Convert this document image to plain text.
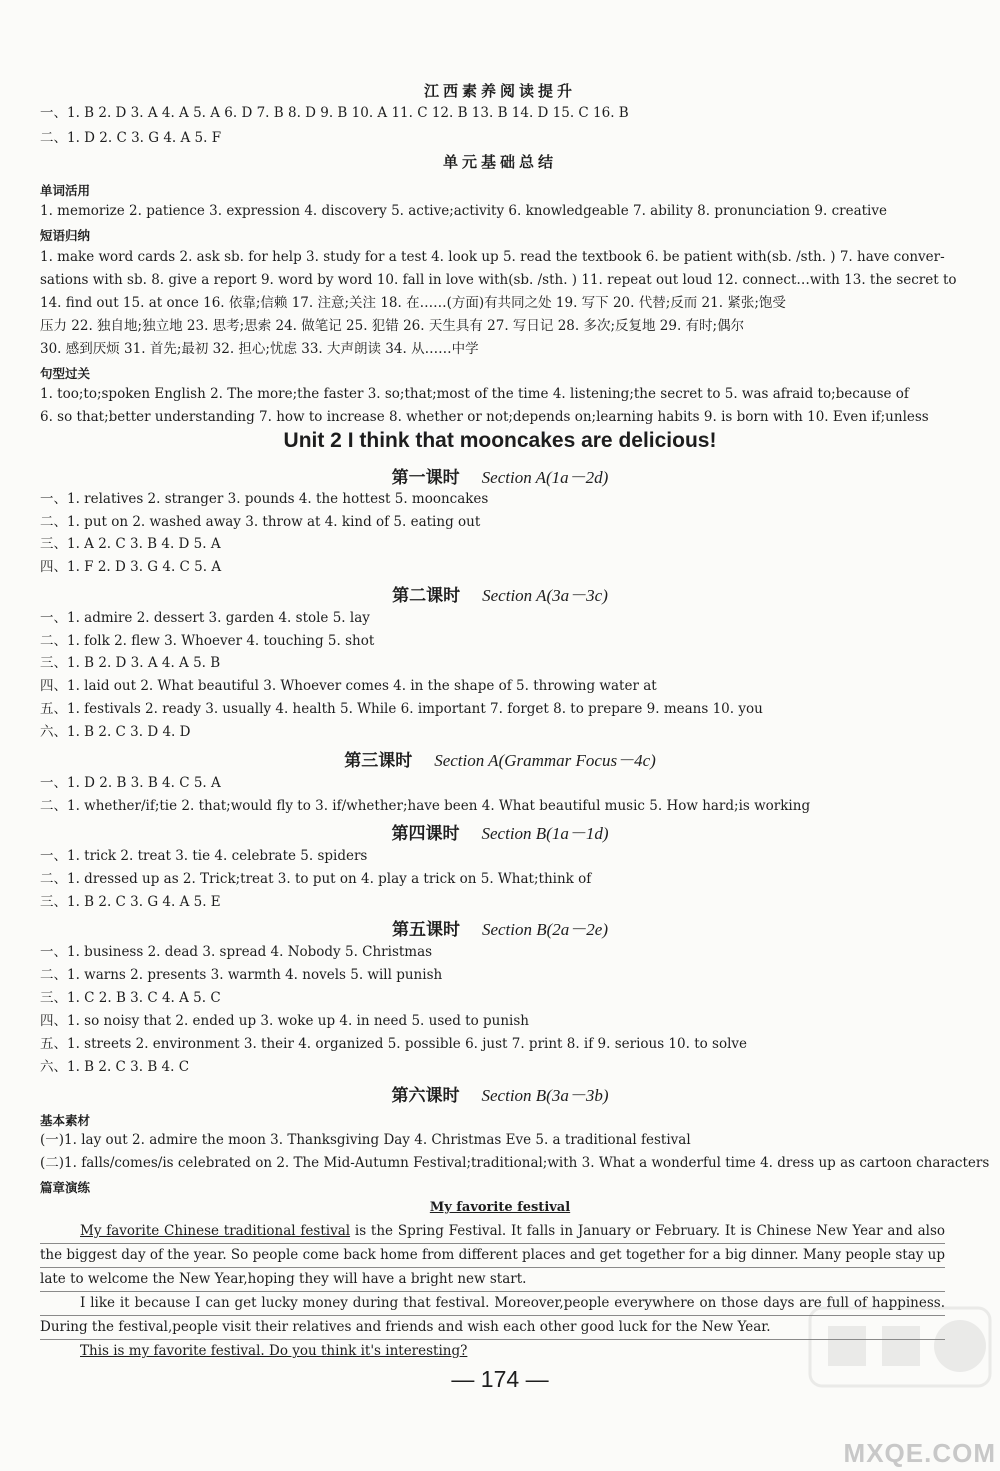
江西素养阅读提升
一、1. B 2. D 3. A 4. A 5. A 6. D 7. B 8. D 9. B 10. A 11. C 12. B 13. B 14. D 15. C 16. B
二、1. D 2. C 3. G 4. A 5. F
单元基础总结
单词活用
1. memorize 2. patience 3. expression 4. discovery 5. active;activity 6. knowledgeable 7. ability 8. pronunciation 9. creative
短语归纳
1. make word cards 2. ask sb. for help 3. study for a test 4. look up 5. read the textbook 6. be patient with(sb. /sth. ) 7. have conver-
sations with sb. 8. give a report 9. word by word 10. fall in love with(sb. /sth. ) 11. repeat out loud 12. connect…with 13. the secret to
14. find out 15. at once 16. 依靠;信赖 17. 注意;关注 18. 在……(方面)有共同之处 19. 写下 20. 代替;反而 21. 紧张;饱受
压力 22. 独自地;独立地 23. 思考;思索 24. 做笔记 25. 犯错 26. 天生具有 27. 写日记 28. 多次;反复地 29. 有时;偶尔
30. 感到厌烦 31. 首先;最初 32. 担心;忧虑 33. 大声朗读 34. 从……中学
句型过关
1. too;to;spoken English 2. The more;the faster 3. so;that;most of the time 4. listening;the secret to 5. was afraid to;because of
6. so that;better understanding 7. how to increase 8. whether or not;depends on;learning habits 9. is born with 10. Even if;unless
Unit 2 I think that mooncakes are delicious!
第一课时 Section A(1a－2d)
一、1. relatives 2. stranger 3. pounds 4. the hottest 5. mooncakes
二、1. put on 2. washed away 3. throw at 4. kind of 5. eating out
三、1. A 2. C 3. B 4. D 5. A
四、1. F 2. D 3. G 4. C 5. A
第二课时 Section A(3a－3c)
一、1. admire 2. dessert 3. garden 4. stole 5. lay
二、1. folk 2. flew 3. Whoever 4. touching 5. shot
三、1. B 2. D 3. A 4. A 5. B
四、1. laid out 2. What beautiful 3. Whoever comes 4. in the shape of 5. throwing water at
五、1. festivals 2. ready 3. usually 4. health 5. While 6. important 7. forget 8. to prepare 9. means 10. you
六、1. B 2. C 3. D 4. D
第三课时 Section A(Grammar Focus－4c)
一、1. D 2. B 3. B 4. C 5. A
二、1. whether/if;tie 2. that;would fly to 3. if/whether;have been 4. What beautiful music 5. How hard;is working
第四课时 Section B(1a－1d)
一、1. trick 2. treat 3. tie 4. celebrate 5. spiders
二、1. dressed up as 2. Trick;treat 3. to put on 4. play a trick on 5. What;think of
三、1. B 2. C 3. G 4. A 5. E
第五课时 Section B(2a－2e)
一、1. business 2. dead 3. spread 4. Nobody 5. Christmas
二、1. warns 2. presents 3. warmth 4. novels 5. will punish
三、1. C 2. B 3. C 4. A 5. C
四、1. so noisy that 2. ended up 3. woke up 4. in need 5. used to punish
五、1. streets 2. environment 3. their 4. organized 5. possible 6. just 7. print 8. if 9. serious 10. to solve
六、1. B 2. C 3. B 4. C
第六课时 Section B(3a－3b)
基本素材
(一)1. lay out 2. admire the moon 3. Thanksgiving Day 4. Christmas Eve 5. a traditional festival
(二)1. falls/comes/is celebrated on 2. The Mid-Autumn Festival;traditional;with 3. What a wonderful time 4. dress up as cartoon characters
篇章演练
My favorite festival
My favorite Chinese traditional festival is the Spring Festival. It falls in January or February. It is Chinese New Year and also the biggest day of the year. So people come back home from different places and get together for a big dinner. Many people stay up late to welcome the New Year,hoping they will have a bright new start.
I like it because I can get lucky money during that festival. Moreover,people everywhere on those days are full of happiness. During the festival,people visit their relatives and friends and wish each other good luck for the New Year.
This is my favorite festival. Do you think it's interesting?
— 174 —
MXQE.COM
